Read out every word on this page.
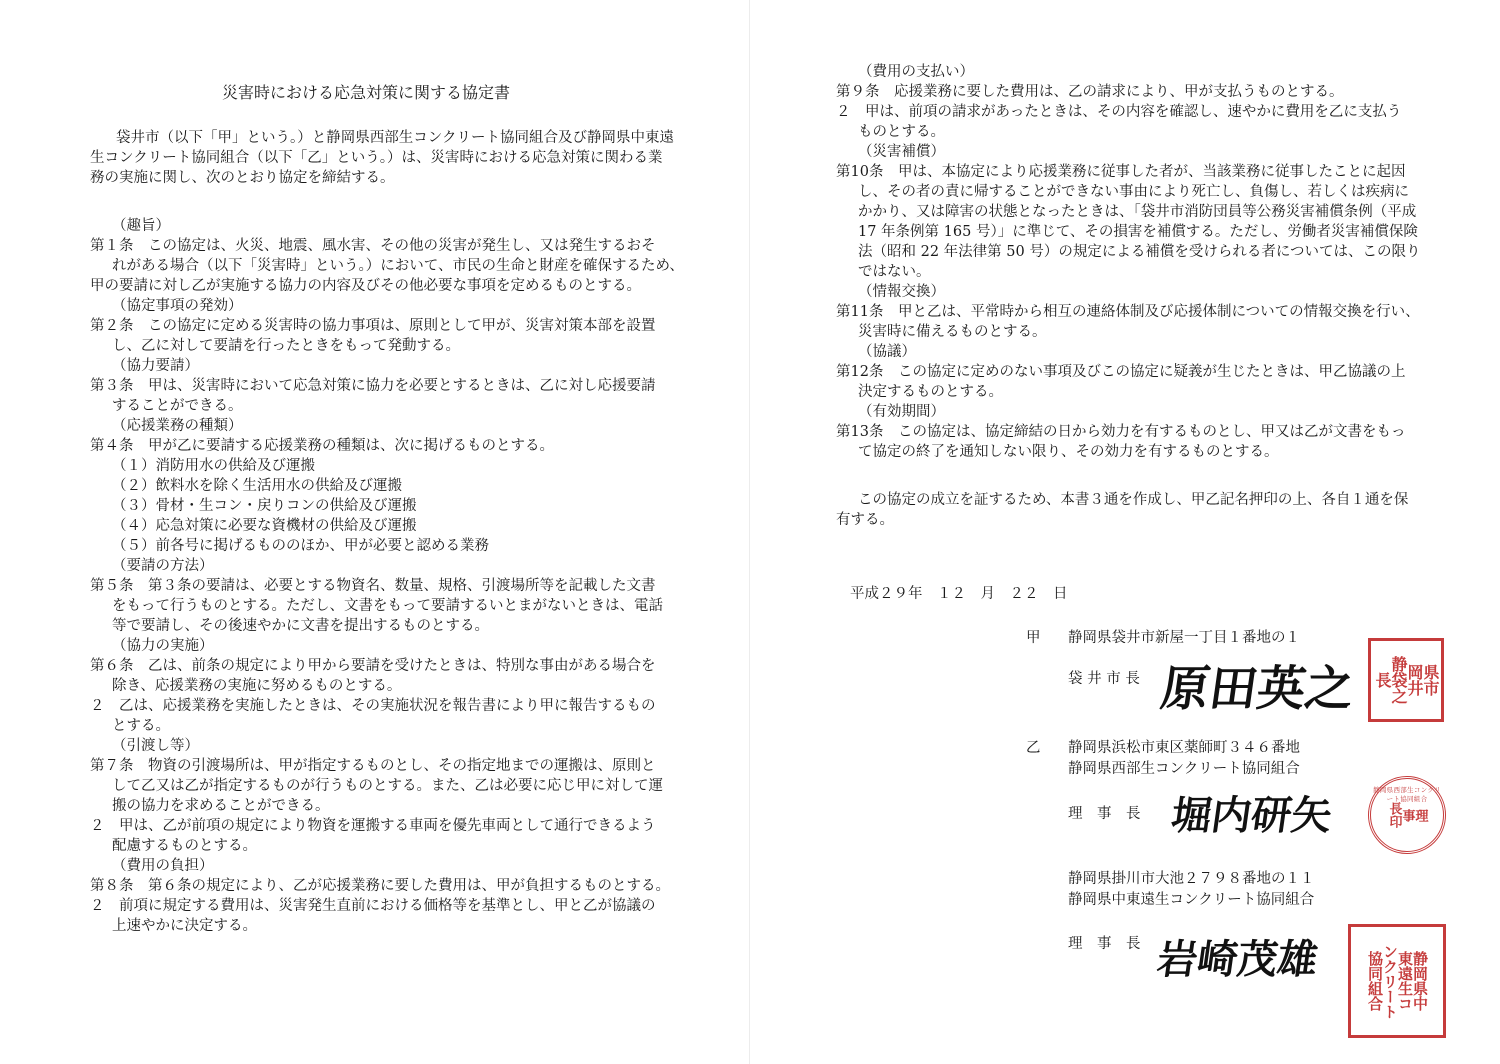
災害時における応急対策に関する協定書
袋井市（以下「甲」という。）と静岡県西部生コンクリート協同組合及び静岡県中東遠
生コンクリート協同組合（以下「乙」という。）は、災害時における応急対策に関わる業
務の実施に関し、次のとおり協定を締結する。
（趣旨）
第１条　この協定は、火災、地震、風水害、その他の災害が発生し、又は発生するおそ
れがある場合（以下「災害時」という。）において、市民の生命と財産を確保するため、
甲の要請に対し乙が実施する協力の内容及びその他必要な事項を定めるものとする。
（協定事項の発効）
第２条　この協定に定める災害時の協力事項は、原則として甲が、災害対策本部を設置
し、乙に対して要請を行ったときをもって発動する。
（協力要請）
第３条　甲は、災害時において応急対策に協力を必要とするときは、乙に対し応援要請
することができる。
（応援業務の種類）
第４条　甲が乙に要請する応援業務の種類は、次に掲げるものとする。
（１）消防用水の供給及び運搬
（２）飲料水を除く生活用水の供給及び運搬
（３）骨材・生コン・戻りコンの供給及び運搬
（４）応急対策に必要な資機材の供給及び運搬
（５）前各号に掲げるもののほか、甲が必要と認める業務
（要請の方法）
第５条　第３条の要請は、必要とする物資名、数量、規格、引渡場所等を記載した文書
をもって行うものとする。ただし、文書をもって要請するいとまがないときは、電話
等で要請し、その後速やかに文書を提出するものとする。
（協力の実施）
第６条　乙は、前条の規定により甲から要請を受けたときは、特別な事由がある場合を
除き、応援業務の実施に努めるものとする。
２　乙は、応援業務を実施したときは、その実施状況を報告書により甲に報告するもの
とする。
（引渡し等）
第７条　物資の引渡場所は、甲が指定するものとし、その指定地までの運搬は、原則と
して乙又は乙が指定するものが行うものとする。また、乙は必要に応じ甲に対して運
搬の協力を求めることができる。
２　甲は、乙が前項の規定により物資を運搬する車両を優先車両として通行できるよう
配慮するものとする。
（費用の負担）
第８条　第６条の規定により、乙が応援業務に要した費用は、甲が負担するものとする。
２　前項に規定する費用は、災害発生直前における価格等を基準とし、甲と乙が協議の
上速やかに決定する。
（費用の支払い）
第９条　応援業務に要した費用は、乙の請求により、甲が支払うものとする。
２　甲は、前項の請求があったときは、その内容を確認し、速やかに費用を乙に支払う
ものとする。
（災害補償）
第10条　甲は、本協定により応援業務に従事した者が、当該業務に従事したことに起因
し、その者の責に帰することができない事由により死亡し、負傷し、若しくは疾病に
かかり、又は障害の状態となったときは、「袋井市消防団員等公務災害補償条例（平成
17 年条例第 165 号）」に準じて、その損害を補償する。ただし、労働者災害補償保険
法（昭和 22 年法律第 50 号）の規定による補償を受けられる者については、この限り
ではない。
（情報交換）
第11条　甲と乙は、平常時から相互の連絡体制及び応援体制についての情報交換を行い、
災害時に備えるものとする。
（協議）
第12条　この協定に定めのない事項及びこの協定に疑義が生じたときは、甲乙協議の上
決定するものとする。
（有効期間）
第13条　この協定は、協定締結の日から効力を有するものとし、甲又は乙が文書をもっ
て協定の終了を通知しない限り、その効力を有するものとする。
この協定の成立を証するため、本書３通を作成し、甲乙記名押印の上、各自１通を保
有する。
平成２９年　１２　月　２２　日
甲 静岡県袋井市新屋一丁目１番地の１
袋 井 市 長 原田英之	県市
岡井
静袋之
長
乙 静岡県浜松市東区薬師町３４６番地
静岡県西部生コンクリート協同組合
理　事　長 堀内研矢
静岡県西部生コンクリート協同組合
理
事
長印
静岡県掛川市大池２７９８番地の１１
静岡県中東遠生コンクリート協同組合
理　事　長 岩崎茂雄	静岡県中
東遠生コ
ンクリート
協同組合
